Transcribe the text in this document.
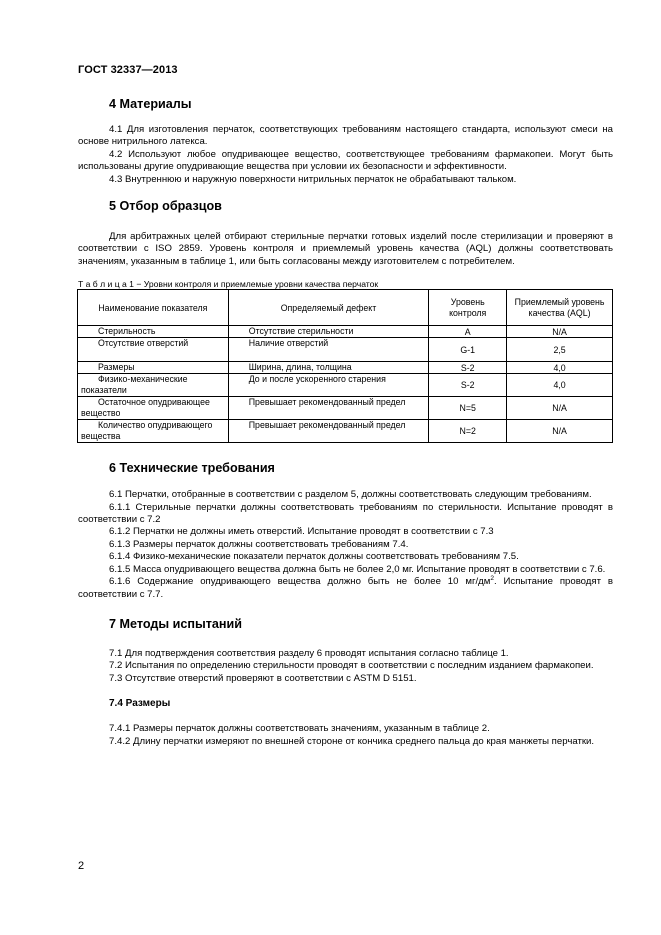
ГОСТ 32337—2013
4 Материалы

4.1 Для изготовления перчаток, соответствующих требованиям настоящего стандарта, используют смеси на основе нитрильного латекса.

4.2 Используют любое опудривающее вещество, соответствующее требованиям фармакопеи. Могут быть использованы другие опудривающие вещества при условии их безопасности и эффективности.

4.3 Внутреннюю и наружную поверхности нитрильных перчаток не обрабатывают тальком.

5 Отбор образцов

Для арбитражных целей отбирают стерильные перчатки готовых изделий после стерилизации и проверяют в соответствии с ISO 2859. Уровень контроля и приемлемый уровень качества (AQL) должны соответствовать значениям, указанным в таблице 1, или быть согласованы между изготовителем с потребителем.

Т а б л и ц а 1 − Уровни контроля и приемлемые уровни качества перчаток

Наименование показателя	Определяемый дефект	Уровень контроля	Приемлемый уровень качества (AQL)
Стерильность	Отсутствие стерильности	A	N/A
Отсутствие отверстий	Наличие отверстий	G-1	2,5
Размеры	Ширина, длина, толщина	S-2	4,0
Физико-механические показатели	До и после ускоренного старения	S-2	4,0
Остаточное опудривающее вещество	Превышает рекомендованный предел	N=5	N/A
Количество опудривающего вещества	Превышает рекомендованный предел	N=2	N/A
6 Технические требования

6.1 Перчатки, отобранные в соответствии с разделом 5, должны соответствовать следующим требованиям.

6.1.1 Стерильные перчатки должны соответствовать требованиям по стерильности. Испытание проводят в соответствии с 7.2

6.1.2 Перчатки не должны иметь отверстий. Испытание проводят в соответствии с 7.3

6.1.3 Размеры перчаток должны соответствовать требованиям 7.4.

6.1.4 Физико-механические показатели перчаток должны соответствовать требованиям 7.5.

6.1.5 Масса опудривающего вещества должна быть не более 2,0 мг. Испытание проводят в соответствии с 7.6.

6.1.6 Содержание опудривающего вещества должно быть не более 10 $мг/дм^2$. Испытание проводят в соответствии с 7.7.

7 Методы испытаний

7.1 Для подтверждения соответствия разделу 6 проводят испытания согласно таблице 1.

7.2 Испытания по определению стерильности проводят в соответствии с последним изданием фармакопеи.

7.3 Отсутствие отверстий проверяют в соответствии с ASTM D 5151.

7.4 Размеры

7.4.1 Размеры перчаток должны соответствовать значениям, указанным в таблице 2.

7.4.2 Длину перчатки измеряют по внешней стороне от кончика среднего пальца до края манжеты перчатки.

2
